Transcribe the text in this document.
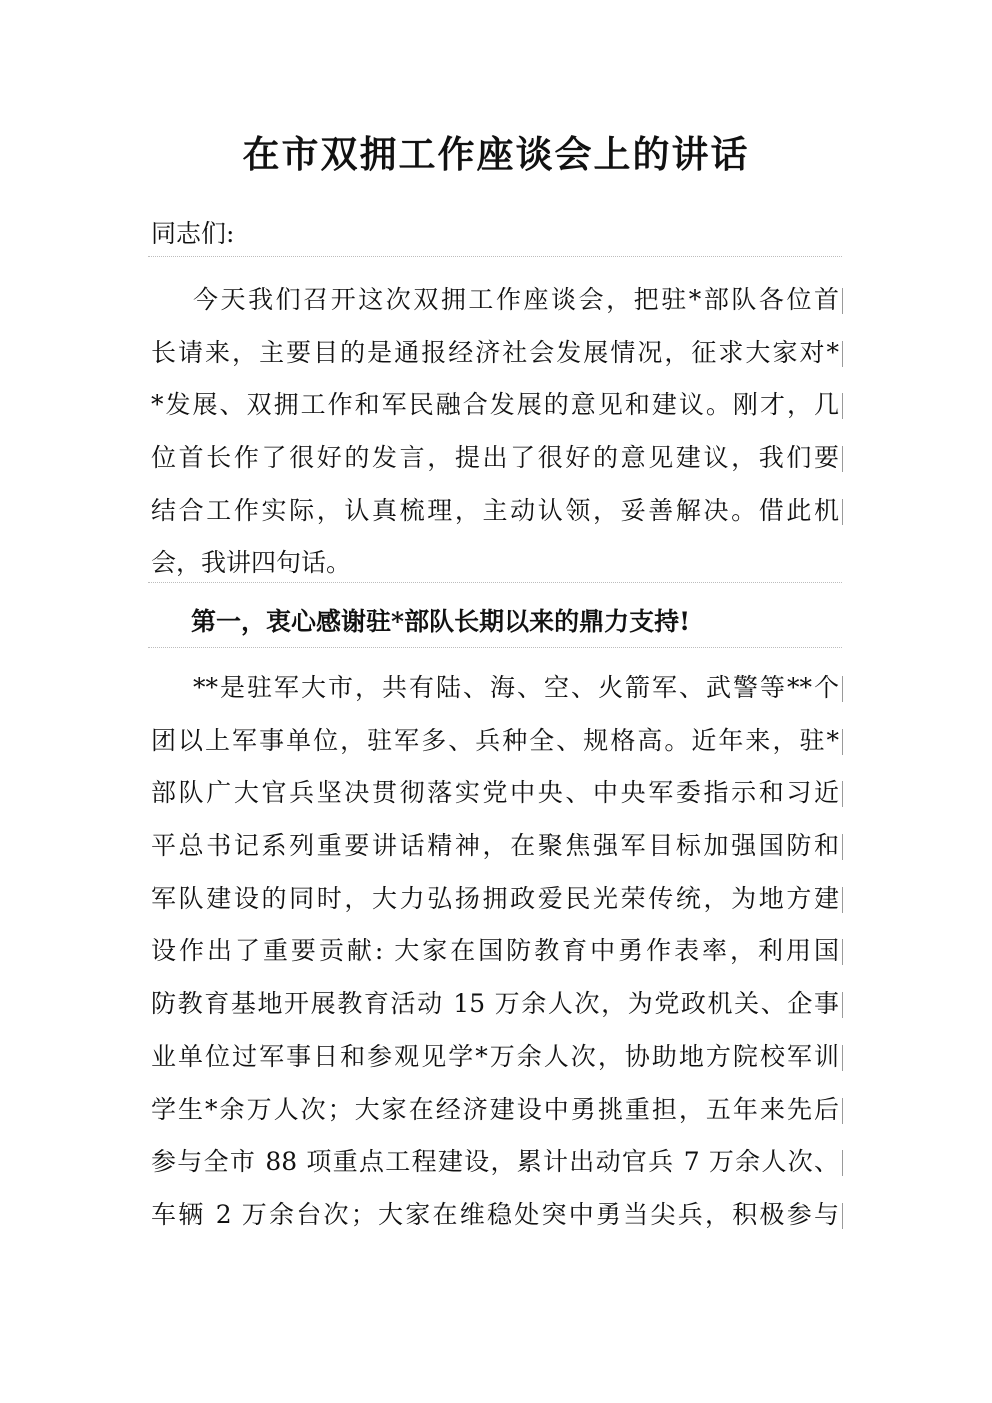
在市双拥工作座谈会上的讲话
同志们:
今天我们召开这次双拥工作座谈会，把驻*部队各位首
长请来，主要目的是通报经济社会发展情况，征求大家对*
*发展、双拥工作和军民融合发展的意见和建议。刚才，几
位首长作了很好的发言，提出了很好的意见建议，我们要
结合工作实际，认真梳理，主动认领，妥善解决。借此机
会，我讲四句话。
第一，衷心感谢驻*部队长期以来的鼎力支持!
**是驻军大市，共有陆、海、空、火箭军、武警等**个
团以上军事单位，驻军多、兵种全、规格高。近年来，驻*
部队广大官兵坚决贯彻落实党中央、中央军委指示和习近
平总书记系列重要讲话精神，在聚焦强军目标加强国防和
军队建设的同时，大力弘扬拥政爱民光荣传统，为地方建
设作出了重要贡献: 大家在国防教育中勇作表率，利用国
防教育基地开展教育活动 15 万余人次，为党政机关、企事
业单位过军事日和参观见学*万余人次，协助地方院校军训
学生*余万人次；大家在经济建设中勇挑重担，五年来先后
参与全市 88 项重点工程建设，累计出动官兵 7 万余人次、
车辆 2 万余台次；大家在维稳处突中勇当尖兵，积极参与
